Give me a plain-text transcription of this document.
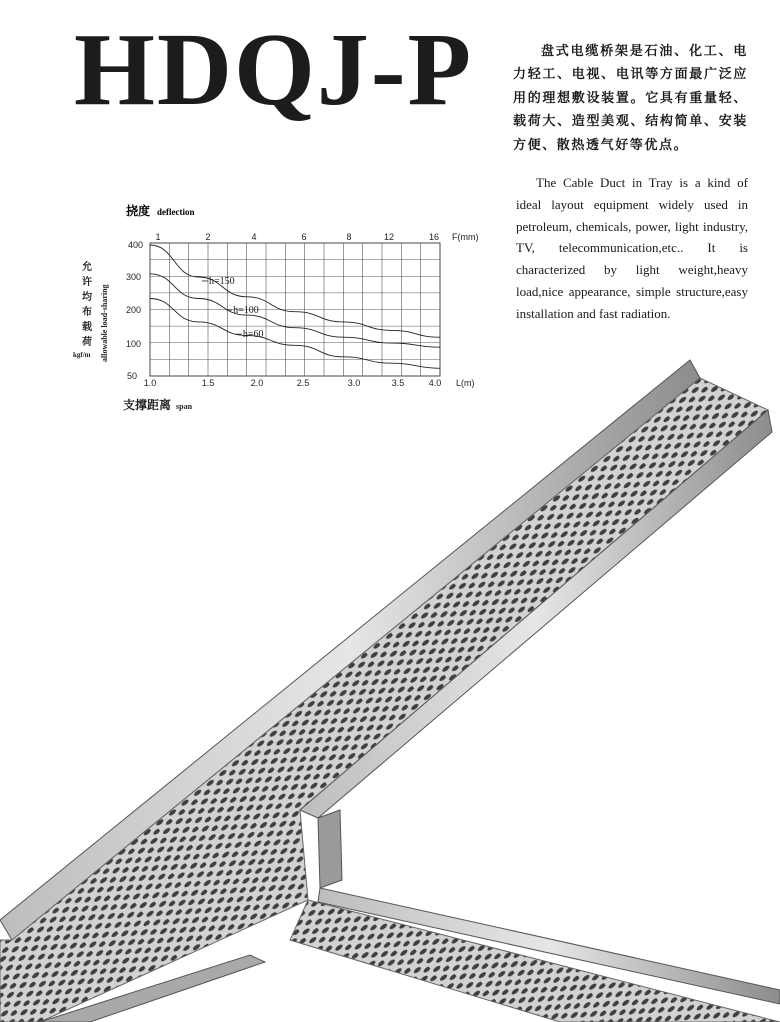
HDQJ-P	盘式电缆桥架是石油、化工、电力轻工、电视、电讯等方面最广泛应用的理想敷设装置。它具有重量轻、载荷大、造型美观、结构简单、安装方便、散热透气好等优点。

The Cable Duct in Tray is a kind of ideal layout equipment widely used in petroleum, chemicals, power, light industry, TV, telecommunication,etc.. It is characterized by light weight,heavy load,nice appearance, simple structure,easy installation and fast radiation.

挠度 deflection
1	2	4	6	8	12	16 F(mm)
400
300
200
100
50
允
许
均
布
载
荷 allowable load-sharing
kgf/m
1.0	1.5	2.0	2.5	3.0	3.5	4.0 L(m)
支撑距离 span
h=150
h=100
h=60
